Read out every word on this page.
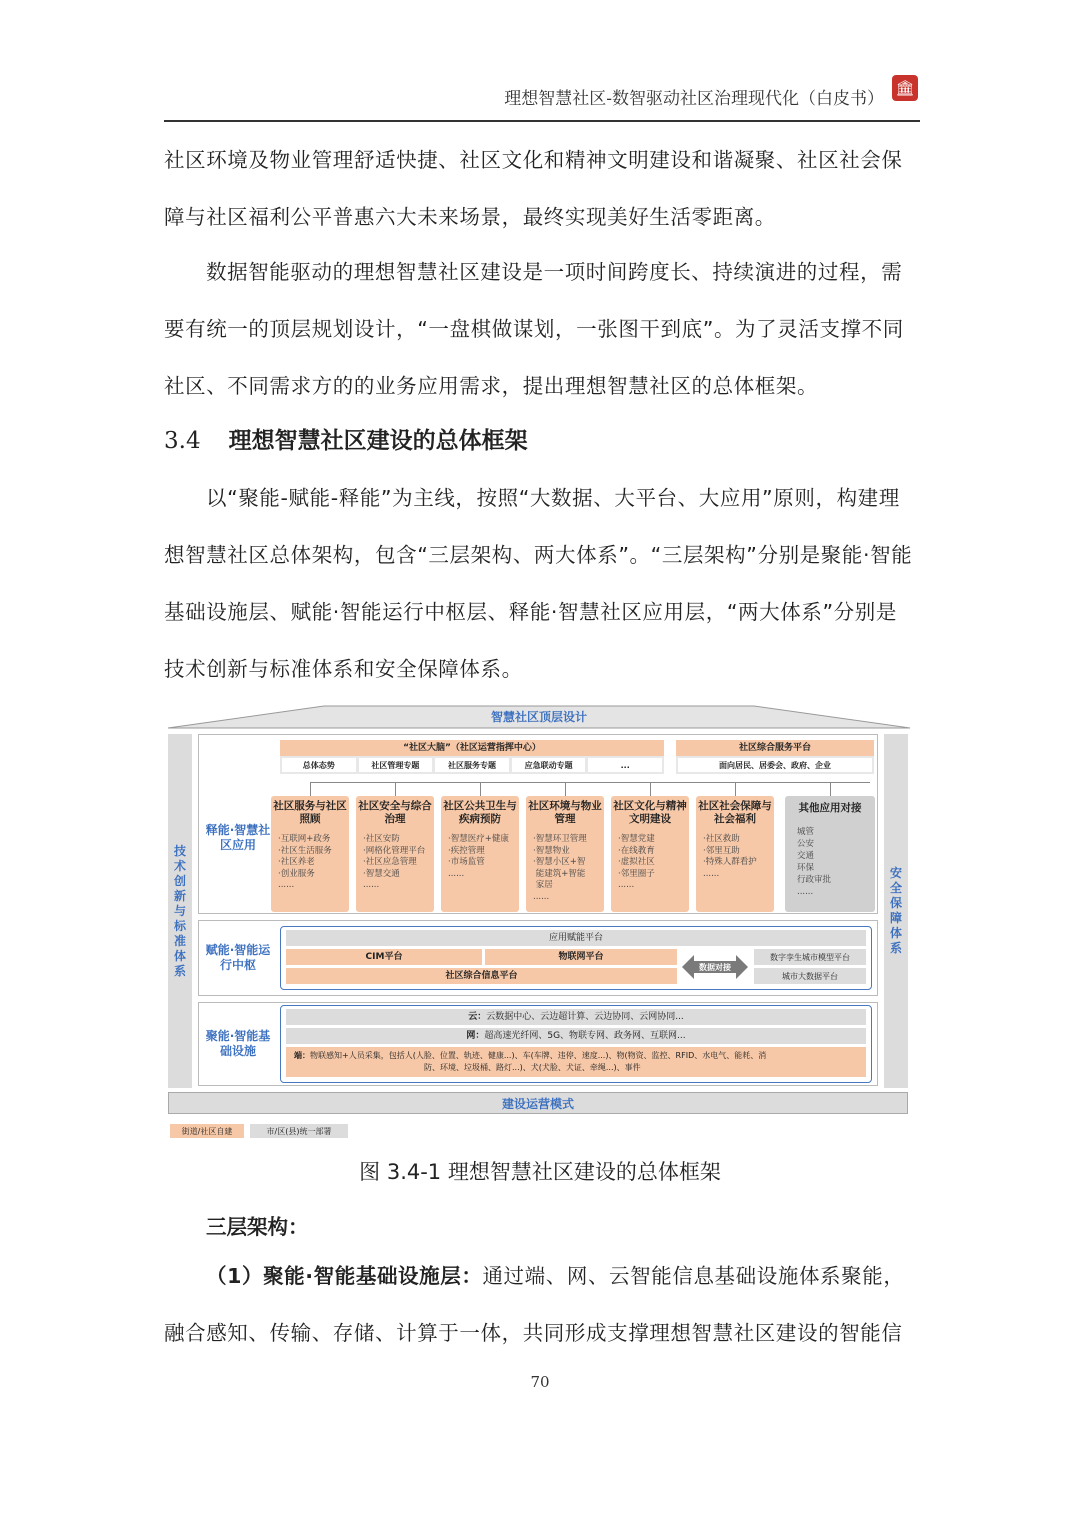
理想智慧社区-数智驱动社区治理现代化（白皮书）
🏛
社区环境及物业管理舒适快捷、社区文化和精神文明建设和谐凝聚、社区社会保
障与社区福利公平普惠六大未来场景，最终实现美好生活零距离。
数据智能驱动的理想智慧社区建设是一项时间跨度长、持续演进的过程，需
要有统一的顶层规划设计，“一盘棋做谋划，一张图干到底”。为了灵活支撑不同
社区、不同需求方的的业务应用需求，提出理想智慧社区的总体框架。
3.4 理想智慧社区建设的总体框架
以“聚能-赋能-释能”为主线，按照“大数据、大平台、大应用”原则，构建理
想智慧社区总体架构，包含“三层架构、两大体系”。“三层架构”分别是聚能·智能
基础设施层、赋能·智能运行中枢层、释能·智慧社区应用层，“两大体系”分别是
技术创新与标准体系和安全保障体系。
智慧社区顶层设计
技术创新与标准体系
安全保障体系
释能·智慧社区应用
“社区大脑”（社区运营指挥中心）
总体态势	社区管理专题	社区服务专题	应急联动专题	...
社区综合服务平台
面向居民、居委会、政府、企业
社区服务与社区照顾
·互联网+政务
·社区生活服务
·社区养老
·创业服务
......
社区安全与综合治理
·社区安防
·网格化管理平台
·社区应急管理
·智慧交通
......
社区公共卫生与疾病预防
·智慧医疗+健康
·疾控管理
·市场监管
......
社区环境与物业管理
·智慧环卫管理
·智慧物业
·智慧小区+智
能建筑+智能
家居
......
社区文化与精神文明建设
·智慧党建
·在线教育
·虚拟社区
·邻里圈子
......
社区社会保障与社会福利
·社区救助
·邻里互助
·特殊人群看护
......
其他应用对接
城管
公安
交通
环保
行政审批
......
赋能·智能运行中枢
应用赋能平台
CIM平台	物联网平台
社区综合信息平台
数据对接
数字孪生城市模型平台
城市大数据平台
聚能·智能基础设施
云： 云数据中心、云边超计算、云边协同、云网协同...
网： 超高速光纤网、5G、物联专网、政务网、互联网...
端：物联感知+人员采集，包括人(人脸、位置、轨迹、健康...)、车(车牌、违停、速度...)、物(物资、监控、RFID、水电气、能耗、消
防、环境、垃圾桶、路灯...)、犬(犬脸、犬证、牵绳...)、事件
建设运营模式
街道/社区自建	市/区(县)统一部署
图 3.4-1 理想智慧社区建设的总体框架
三层架构：
（1）聚能·智能基础设施层：通过端、网、云智能信息基础设施体系聚能，
融合感知、传输、存储、计算于一体，共同形成支撑理想智慧社区建设的智能信
70
